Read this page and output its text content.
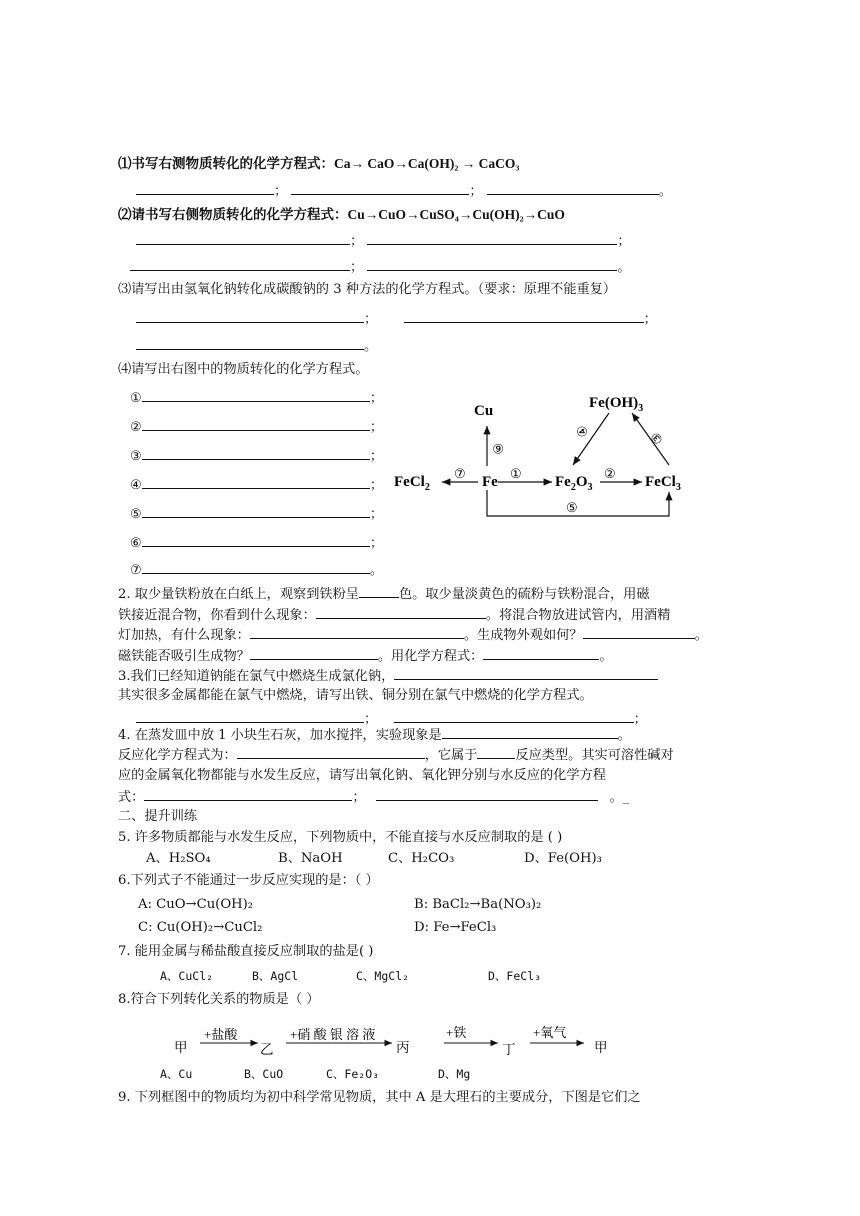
⑴书写右测物质转化的化学方程式：Ca→ CaO→Ca(OH)₂ → CaCO₃
；	；	。
⑵请书写右侧物质转化的化学方程式：Cu→CuO→CuSO₄→Cu(OH)₂→CuO
；	；
；	。
⑶请写出由氢氧化钠转化成碳酸钠的 3 种方法的化学方程式。（要求：原理不能重复）
；	；
。
⑷请写出右图中的物质转化的化学方程式。
①	；
②	；
③	；
④	；
⑤	；
⑥	；
⑦	。
Cu	$Fe(OH)_3$
FeCl$_2$	Fe	$Fe_2O_3$	FeCl$_3$
⑥
⑦	①	②
④	③
⑤
2. 取少量铁粉放在白纸上，观察到铁粉呈	色。取少量淡黄色的硫粉与铁粉混合，用磁
铁接近混合物，你看到什么现象：	。将混合物放进试管内，用酒精
灯加热，有什么现象：	。生成物外观如何？	。
磁铁能否吸引生成物？	。用化学方程式：	。
3.我们已经知道钠能在氯气中燃烧生成氯化钠，
其实很多金属都能在氯气中燃烧，请写出铁、铜分别在氯气中燃烧的化学方程式。
；	；
4. 在蒸发皿中放 1 小块生石灰，加水搅拌，实验现象是	。
反应化学方程式为：	，它属于	反应类型。其实可溶性碱对
应的金属氧化物都能与水发生反应，请写出氧化钠、氧化钾分别与水反应的化学方程
式：	；	。_
二、提升训练
5. 许多物质都能与水发生反应，下列物质中，不能直接与水反应制取的是 ( )
A、H₂SO₄	B、NaOH	C、H₂CO₃	D、Fe(OH)₃
6.下列式子不能通过一步反应实现的是：（ ）
A: CuO→Cu(OH)₂	B: BaCl₂→Ba(NO₃)₂
C: Cu(OH)₂→CuCl₂	D: Fe→FeCl₃
7. 能用金属与稀盐酸直接反应制取的盐是( )
A、CuCl₂	B、AgCl	C、MgCl₂	D、FeCl₃
8.符合下列转化关系的物质是（ ）
甲
+盐酸
乙
+硝 酸 银 溶 液
丙
+铁
丁
+氧气
甲
A、Cu	B、CuO	C、Fe₂O₃	D、Mg
9. 下列框图中的物质均为初中科学常见物质，其中 A 是大理石的主要成分，下图是它们之
